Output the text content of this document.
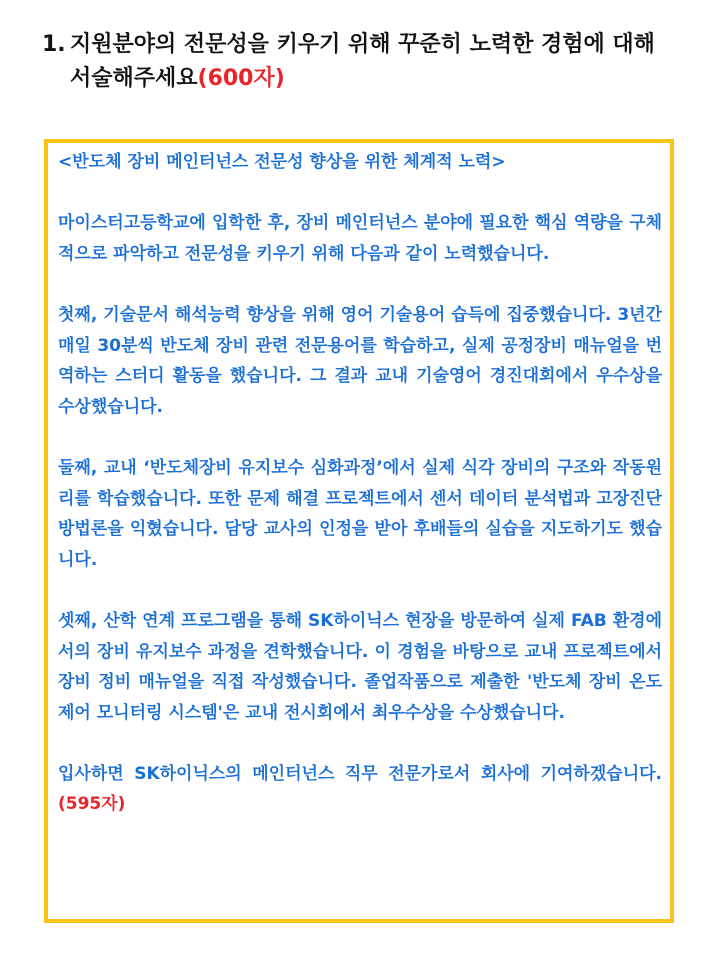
1. 지원분야의 전문성을 키우기 위해 꾸준히 노력한 경험에 대해
서술해주세요(600자)

<반도체 장비 메인터넌스 전문성 향상을 위한 체계적 노력>

마이스터고등학교에 입학한 후, 장비 메인터넌스 분야에 필요한 핵심 역량을 구체적으로 파악하고 전문성을 키우기 위해 다음과 같이 노력했습니다.

첫째, 기술문서 해석능력 향상을 위해 영어 기술용어 습득에 집중했습니다. 3년간 매일 30분씩 반도체 장비 관련 전문용어를 학습하고, 실제 공정장비 매뉴얼을 번역하는 스터디 활동을 했습니다. 그 결과 교내 기술영어 경진대회에서 우수상을 수상했습니다.

둘째, 교내 ‘반도체장비 유지보수 심화과정’에서 실제 식각 장비의 구조와 작동원리를 학습했습니다. 또한 문제 해결 프로젝트에서 센서 데이터 분석법과 고장진단 방법론을 익혔습니다. 담당 교사의 인정을 받아 후배들의 실습을 지도하기도 했습니다.

셋째, 산학 연계 프로그램을 통해 SK하이닉스 현장을 방문하여 실제 FAB 환경에서의 장비 유지보수 과정을 견학했습니다. 이 경험을 바탕으로 교내 프로젝트에서 장비 정비 매뉴얼을 직접 작성했습니다. 졸업작품으로 제출한 '반도체 장비 온도제어 모니터링 시스템'은 교내 전시회에서 최우수상을 수상했습니다.

입사하면 SK하이닉스의 메인터넌스 직무 전문가로서 회사에 기여하겠습니다.(595자)
